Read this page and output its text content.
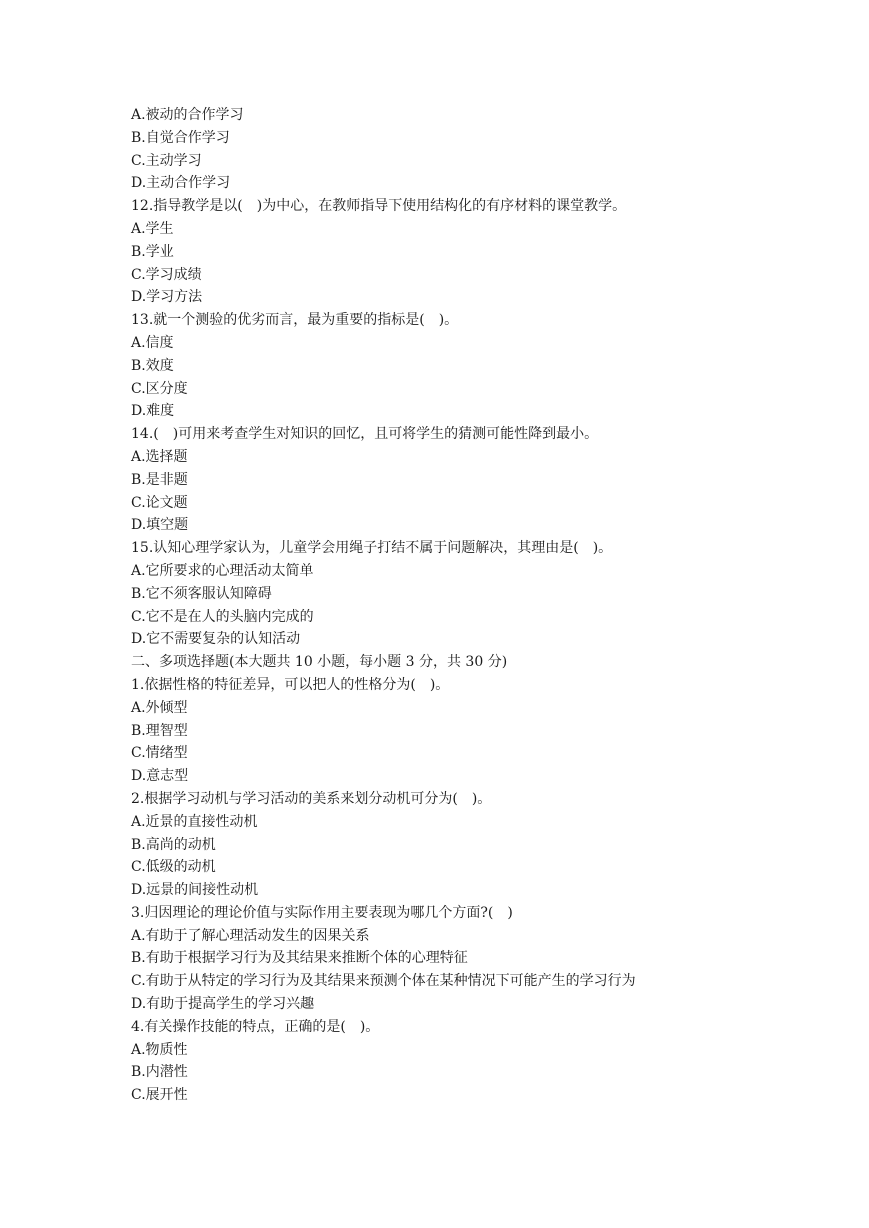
A.被动的合作学习
B.自觉合作学习
C.主动学习
D.主动合作学习
12.指导教学是以(　)为中心，在教师指导下使用结构化的有序材料的课堂教学。
A.学生
B.学业
C.学习成绩
D.学习方法
13.就一个测验的优劣而言，最为重要的指标是(　)。
A.信度
B.效度
C.区分度
D.难度
14.(　)可用来考查学生对知识的回忆，且可将学生的猜测可能性降到最小。
A.选择题
B.是非题
C.论文题
D.填空题
15.认知心理学家认为，儿童学会用绳子打结不属于问题解决，其理由是(　)。
A.它所要求的心理活动太简单
B.它不须客服认知障碍
C.它不是在人的头脑内完成的
D.它不需要复杂的认知活动
二、多项选择题(本大题共 10 小题，每小题 3 分，共 30 分)
1.依据性格的特征差异，可以把人的性格分为(　)。
A.外倾型
B.理智型
C.情绪型
D.意志型
2.根据学习动机与学习活动的美系来划分动机可分为(　)。
A.近景的直接性动机
B.高尚的动机
C.低级的动机
D.远景的间接性动机
3.归因理论的理论价值与实际作用主要表现为哪几个方面?(　)
A.有助于了解心理活动发生的因果关系
B.有助于根据学习行为及其结果来推断个体的心理特征
C.有助于从特定的学习行为及其结果来预测个体在某种情况下可能产生的学习行为
D.有助于提高学生的学习兴趣
4.有关操作技能的特点，正确的是(　)。
A.物质性
B.内潜性
C.展开性
